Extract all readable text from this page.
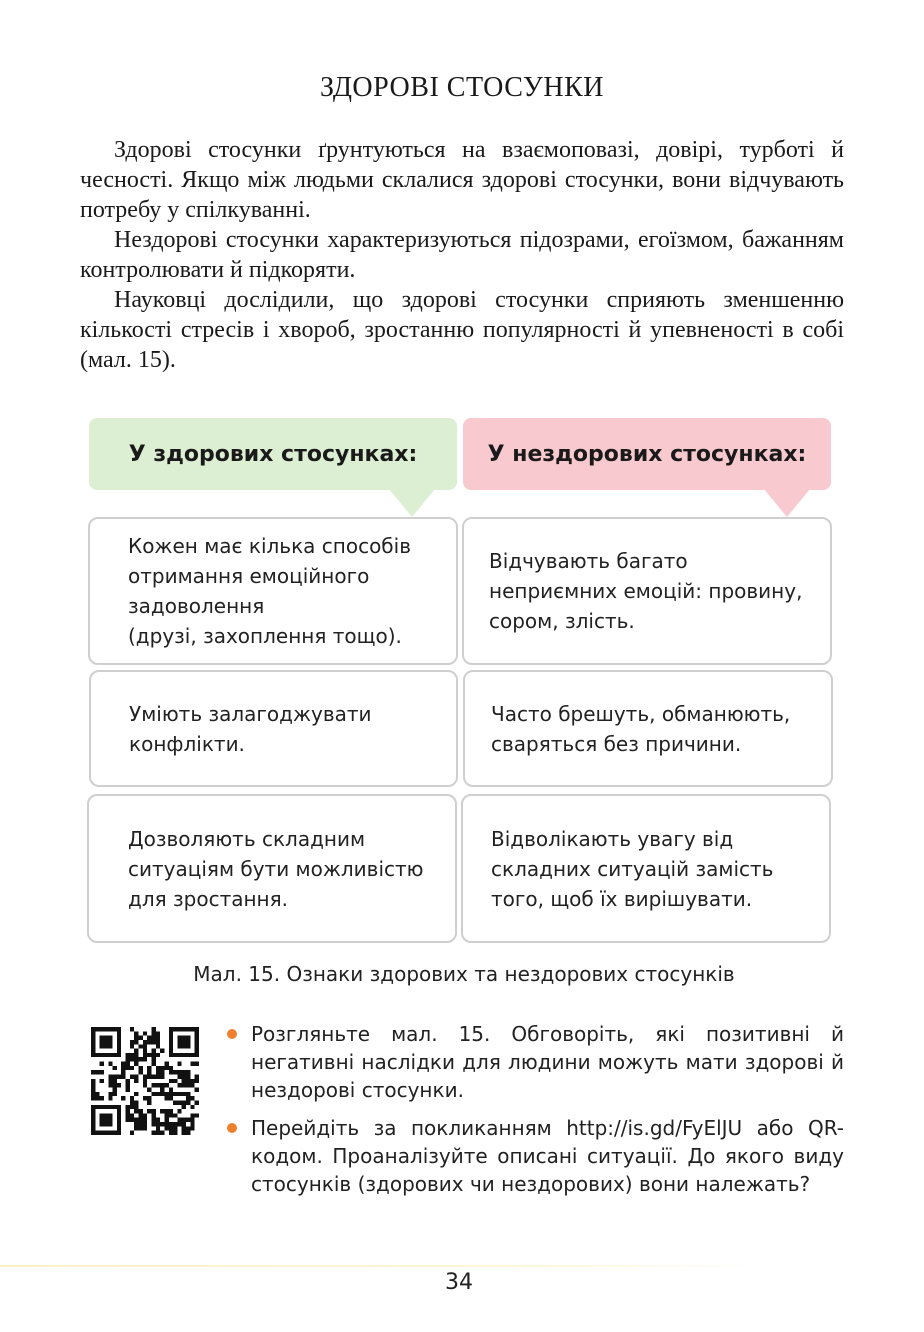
ЗДОРОВІ СТОСУНКИ

Здорові стосунки ґрунтуються на взаємоповазі, довірі, турботі й чесності. Якщо між людьми склалися здорові стосунки, вони відчувають потребу у спілкуванні.

Нездорові стосунки характеризуються підозрами, егоїзмом, бажанням контролювати й підкоряти.

Науковці дослідили, що здорові стосунки сприяють зменшенню кількості стресів і хвороб, зростанню популярності й упевненості в собі (мал. 15).

У здорових стосунках:	У нездорових стосунках:
Кожен має кілька способів
отримання емоційного
задоволення
(друзі, захоплення тощо).
Відчувають багато
неприємних емоцій: провину,
сором, злість.
Уміють залагоджувати
конфлікти.
Часто брешуть, обманюють,
сваряться без причини.
Дозволяють складним
ситуаціям бути можливістю
для зростання.
Відволікають увагу від
складних ситуацій замість
того, щоб їх вирішувати.
Мал. 15. Ознаки здорових та нездорових стосунків
Розгляньте мал. 15. Обговоріть, які позитивні й негативні наслідки для людини можуть мати здорові й нездорові стосунки.
Перейдіть за покликанням http://is.gd/FyElJU або QR-кодом. Проаналізуйте описані ситуації. До якого виду стосунків (здорових чи нездорових) вони належать?
34
